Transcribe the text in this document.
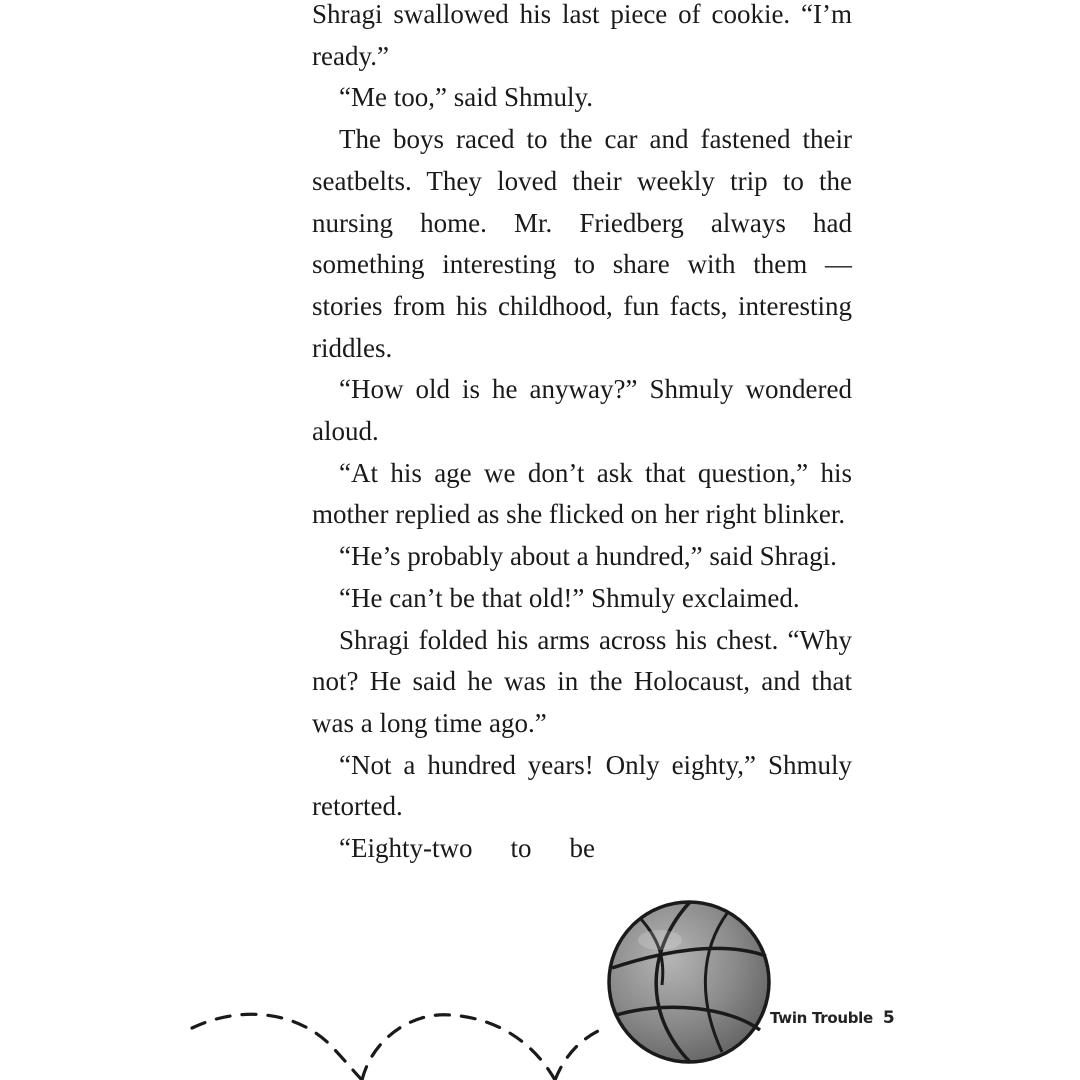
Shragi swallowed his last piece of cookie. “I’m ready.”

“Me too,” said Shmuly.

The boys raced to the car and fastened their seatbelts. They loved their weekly trip to the nursing home. Mr. Friedberg always had something interesting to share with them — stories from his childhood, fun facts, interesting riddles.

“How old is he anyway?” Shmuly wondered aloud.

“At his age we don’t ask that question,” his mother replied as she flicked on her right blinker.

“He’s probably about a hundred,” said Shragi.

“He can’t be that old!” Shmuly exclaimed.

Shragi folded his arms across his chest. “Why not? He said he was in the Holocaust, and that was a long time ago.”

“Not a hundred years! Only eighty,” Shmuly retorted.

“Eighty-two to be

Twin Trouble 5
